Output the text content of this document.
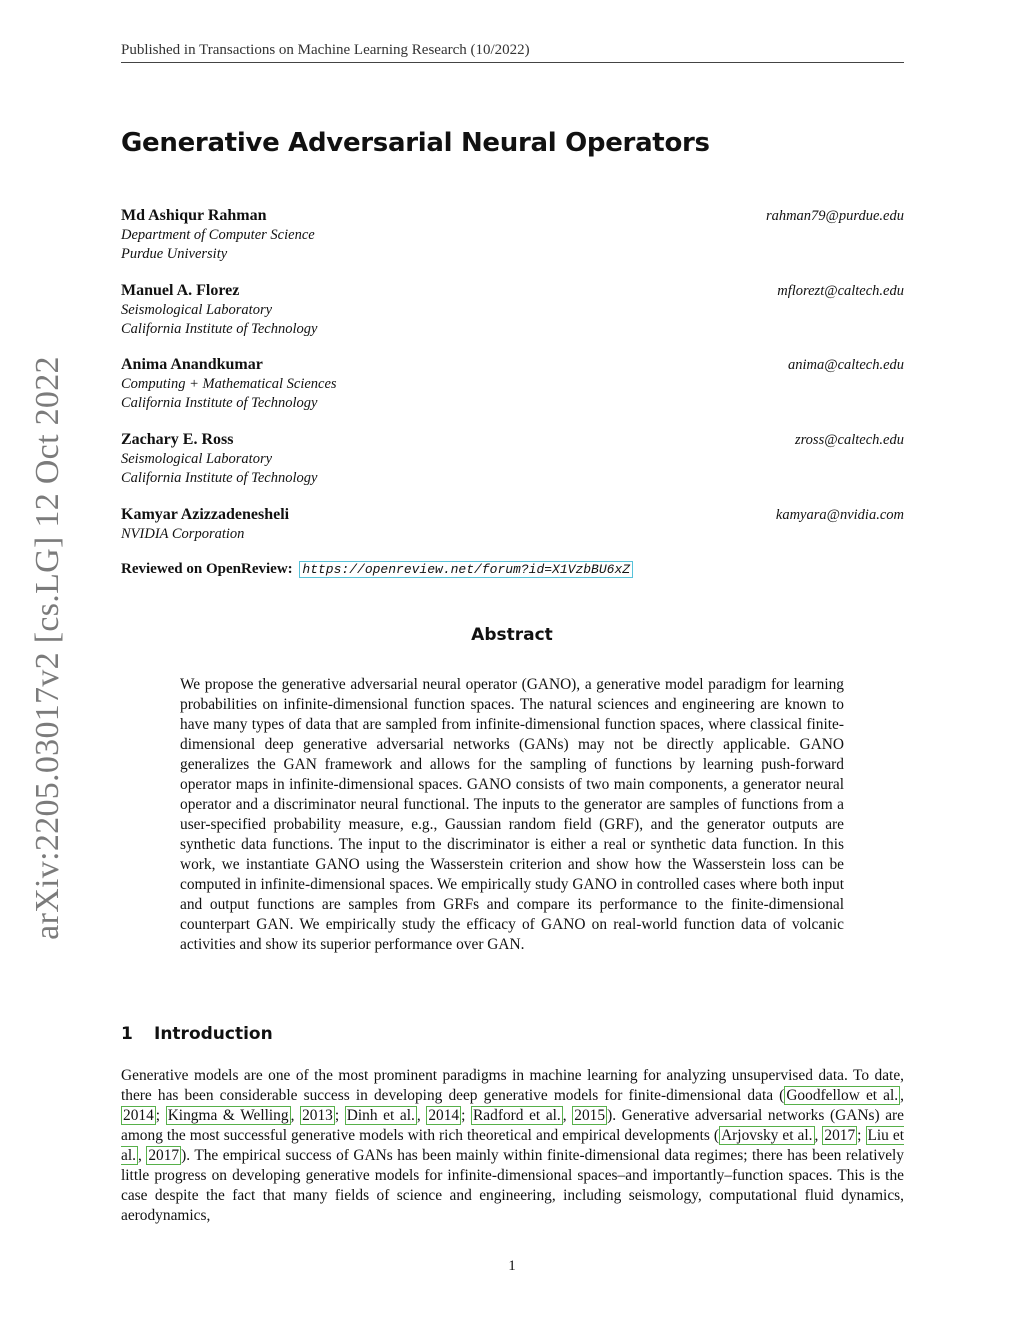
Published in Transactions on Machine Learning Research (10/2022)
arXiv:2205.03017v2 [cs.LG] 12 Oct 2022
Generative Adversarial Neural Operators
Md Ashiqur Rahman	rahman79@purdue.edu
Department of Computer Science
Purdue University
Manuel A. Florez	mflorezt@caltech.edu
Seismological Laboratory
California Institute of Technology
Anima Anandkumar	anima@caltech.edu
Computing + Mathematical Sciences
California Institute of Technology
Zachary E. Ross	zross@caltech.edu
Seismological Laboratory
California Institute of Technology
Kamyar Azizzadenesheli	kamyara@nvidia.com
NVIDIA Corporation
Reviewed on OpenReview: https://openreview.net/forum?id=X1VzbBU6xZ
Abstract

We propose the generative adversarial neural operator (GANO), a generative model paradigm for learning probabilities on infinite-dimensional function spaces. The natural sciences and engineering are known to have many types of data that are sampled from infinite-dimensional function spaces, where classical finite-dimensional deep generative adversarial networks (GANs) may not be directly applicable. GANO generalizes the GAN framework and allows for the sampling of functions by learning push-forward operator maps in infinite-dimensional spaces. GANO consists of two main components, a generator neural operator and a discriminator neural functional. The inputs to the generator are samples of functions from a user-specified probability measure, e.g., Gaussian random field (GRF), and the generator outputs are synthetic data functions. The input to the discriminator is either a real or synthetic data function. In this work, we instantiate GANO using the Wasserstein criterion and show how the Wasserstein loss can be computed in infinite-dimensional spaces. We empirically study GANO in controlled cases where both input and output functions are samples from GRFs and compare its performance to the finite-dimensional counterpart GAN. We empirically study the efficacy of GANO on real-world function data of volcanic activities and show its superior performance over GAN.

1 Introduction

Generative models are one of the most prominent paradigms in machine learning for analyzing unsupervised data. To date, there has been considerable success in developing deep generative models for finite-dimensional data ( Goodfellow et al. , 2014 ; Kingma & Welling , 2013 ; Dinh et al. , 2014 ; Radford et al. , 2015 ). Generative adversarial networks (GANs) are among the most successful generative models with rich theoretical and empirical developments ( Arjovsky et al. , 2017 ; Liu et al. , 2017 ). The empirical success of GANs has been mainly within finite-dimensional data regimes; there has been relatively little progress on developing generative models for infinite-dimensional spaces–and importantly–function spaces. This is the case despite the fact that many fields of science and engineering, including seismology, computational fluid dynamics, aerodynamics,

1
